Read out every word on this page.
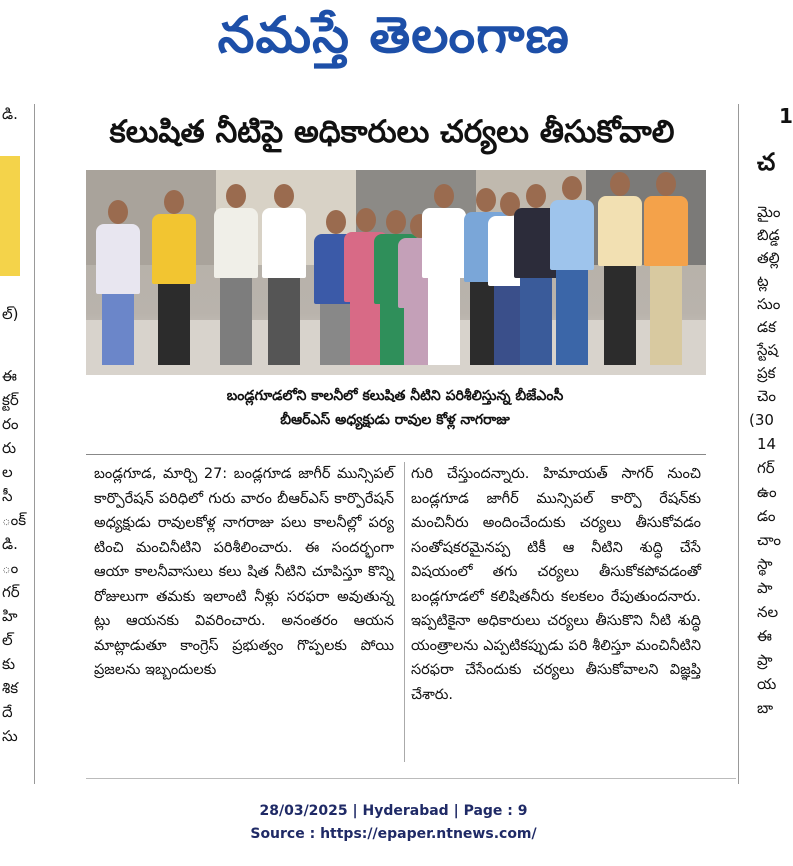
నమస్తే తెలంగాణ
డి.
ల్)
ఈ
క్టర్
రం
రు
ల
సీ
ంక్
డి.
ం
గర్
హి
ల్
కు
శిక
దే
సు
1
చ
మైం
బిడ్డ
తల్లి
ట్ల
సుం
డక
స్టేష
ప్రక
చెం
(30
14
గర్
ఉం
డం
చాం
స్థా
పా
నల
ఈ
ప్రా
య
బా
కలుషిత నీటిపై అధికారులు చర్యలు తీసుకోవాలి
బండ్లగూడలోని కాలనీలో కలుషిత నీటిని పరిశీలిస్తున్న బీజేఎంసీ
బీఆర్ఎస్ అధ్యక్షుడు రావుల కోళ్ల నాగరాజు

బండ్లగూడ, మార్చి 27: బండ్లగూడ జాగీర్ మున్సిపల్ కార్పొరేషన్ పరిధిలో గురు వారం బీఆర్ఎస్ కార్పొరేషన్ అధ్యక్షుడు రావులకోళ్ల నాగరాజు పలు కాలనీల్లో పర్య టించి మంచినీటిని పరిశీలించారు. ఈ సందర్భంగా ఆయా కాలనీవాసులు కలు షిత నీటిని చూపిస్తూ కొన్ని రోజులుగా తమకు ఇలాంటి నీళ్లు సరఫరా అవుతున్న ట్లు ఆయనకు వివరించారు. అనంతరం ఆయన మాట్లాడుతూ కాంగ్రెస్ ప్రభుత్వం గొప్పలకు పోయి ప్రజలను ఇబ్బందులకు

గురి చేస్తుందన్నారు. హిమాయత్ సాగర్ నుంచి బండ్లగూడ జాగీర్ మున్సిపల్ కార్పొ రేషన్‌కు మంచినీరు అందించేందుకు చర్యలు తీసుకోవడం సంతోషకరమైనప్ప టికీ ఆ నీటిని శుద్ధి చేసే విషయంలో తగు చర్యలు తీసుకోకపోవడంతో బండ్లగూడలో కలిషితనీరు కలకలం రేపుతుందనారు. ఇప్పటికైనా అధికారులు చర్యలు తీసుకొని నీటి శుద్ధి యంత్రాలను ఎప్పటికప్పుడు పరి శీలిస్తూ మంచినీటిని సరఫరా చేసేందుకు చర్యలు తీసుకోవాలని విజ్ఞప్తి చేశారు.

28/03/2025 | Hyderabad | Page : 9
Source : https://epaper.ntnews.com/
